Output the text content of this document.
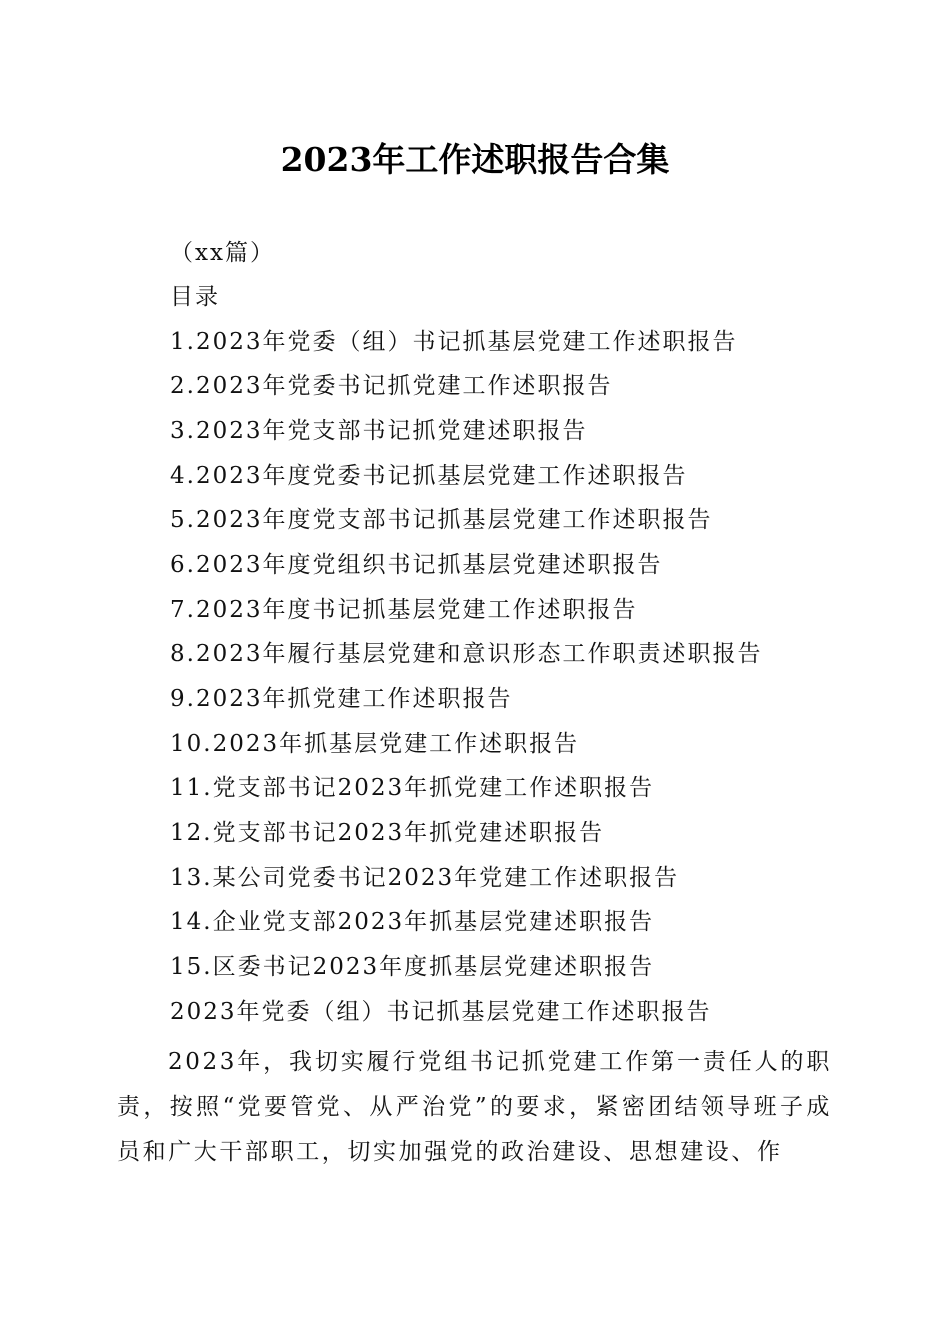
2023年工作述职报告合集
（xx篇）
目录
1.2023年党委（组）书记抓基层党建工作述职报告
2.2023年党委书记抓党建工作述职报告
3.2023年党支部书记抓党建述职报告
4.2023年度党委书记抓基层党建工作述职报告
5.2023年度党支部书记抓基层党建工作述职报告
6.2023年度党组织书记抓基层党建述职报告
7.2023年度书记抓基层党建工作述职报告
8.2023年履行基层党建和意识形态工作职责述职报告
9.2023年抓党建工作述职报告
10.2023年抓基层党建工作述职报告
11.党支部书记2023年抓党建工作述职报告
12.党支部书记2023年抓党建述职报告
13.某公司党委书记2023年党建工作述职报告
14.企业党支部2023年抓基层党建述职报告
15.区委书记2023年度抓基层党建述职报告
2023年党委（组）书记抓基层党建工作述职报告
2023年，我切实履行党组书记抓党建工作第一责任人的职责，按照“党要管党、从严治党”的要求，紧密团结领导班子成员和广大干部职工，切实加强党的政治建设、思想建设、作
